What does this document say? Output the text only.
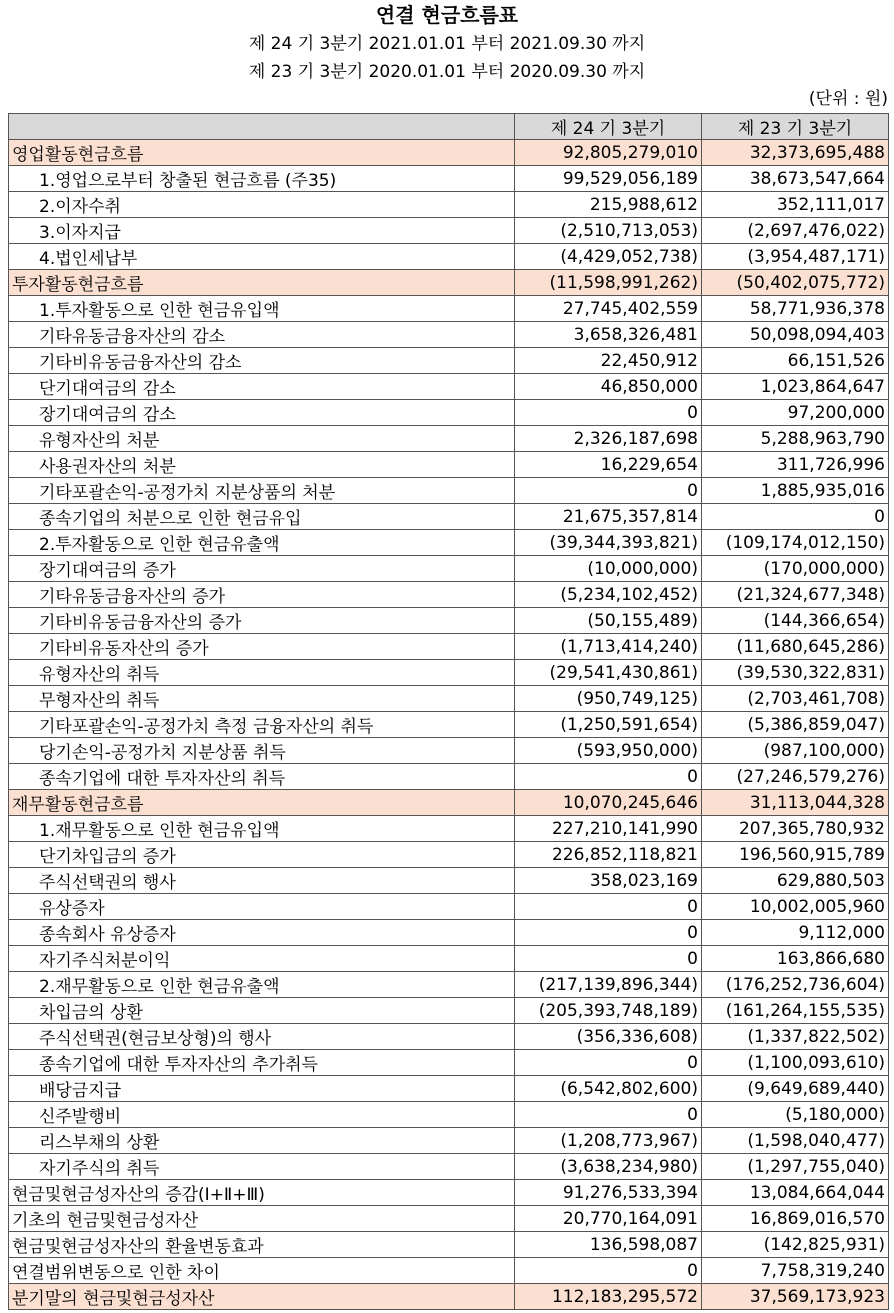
연결 현금흐름표
제 24 기 3분기 2021.01.01 부터 2021.09.30 까지
제 23 기 3분기 2020.01.01 부터 2020.09.30 까지
(단위 : 원)
	제 24 기 3분기	제 23 기 3분기
영업활동현금흐름	92,805,279,010	32,373,695,488
1.영업으로부터 창출된 현금흐름 (주35)	99,529,056,189	38,673,547,664
2.이자수취	215,988,612	352,111,017
3.이자지급	(2,510,713,053)	(2,697,476,022)
4.법인세납부	(4,429,052,738)	(3,954,487,171)
투자활동현금흐름	(11,598,991,262)	(50,402,075,772)
1.투자활동으로 인한 현금유입액	27,745,402,559	58,771,936,378
기타유동금융자산의 감소	3,658,326,481	50,098,094,403
기타비유동금융자산의 감소	22,450,912	66,151,526
단기대여금의 감소	46,850,000	1,023,864,647
장기대여금의 감소	0	97,200,000
유형자산의 처분	2,326,187,698	5,288,963,790
사용권자산의 처분	16,229,654	311,726,996
기타포괄손익-공정가치 지분상품의 처분	0	1,885,935,016
종속기업의 처분으로 인한 현금유입	21,675,357,814	0
2.투자활동으로 인한 현금유출액	(39,344,393,821)	(109,174,012,150)
장기대여금의 증가	(10,000,000)	(170,000,000)
기타유동금융자산의 증가	(5,234,102,452)	(21,324,677,348)
기타비유동금융자산의 증가	(50,155,489)	(144,366,654)
기타비유동자산의 증가	(1,713,414,240)	(11,680,645,286)
유형자산의 취득	(29,541,430,861)	(39,530,322,831)
무형자산의 취득	(950,749,125)	(2,703,461,708)
기타포괄손익-공정가치 측정 금융자산의 취득	(1,250,591,654)	(5,386,859,047)
당기손익-공정가치 지분상품 취득	(593,950,000)	(987,100,000)
종속기업에 대한 투자자산의 취득	0	(27,246,579,276)
재무활동현금흐름	10,070,245,646	31,113,044,328
1.재무활동으로 인한 현금유입액	227,210,141,990	207,365,780,932
단기차입금의 증가	226,852,118,821	196,560,915,789
주식선택권의 행사	358,023,169	629,880,503
유상증자	0	10,002,005,960
종속회사 유상증자	0	9,112,000
자기주식처분이익	0	163,866,680
2.재무활동으로 인한 현금유출액	(217,139,896,344)	(176,252,736,604)
차입금의 상환	(205,393,748,189)	(161,264,155,535)
주식선택권(현금보상형)의 행사	(356,336,608)	(1,337,822,502)
종속기업에 대한 투자자산의 추가취득	0	(1,100,093,610)
배당금지급	(6,542,802,600)	(9,649,689,440)
신주발행비	0	(5,180,000)
리스부채의 상환	(1,208,773,967)	(1,598,040,477)
자기주식의 취득	(3,638,234,980)	(1,297,755,040)
현금및현금성자산의 증감(Ⅰ+Ⅱ+Ⅲ)	91,276,533,394	13,084,664,044
기초의 현금및현금성자산	20,770,164,091	16,869,016,570
현금및현금성자산의 환율변동효과	136,598,087	(142,825,931)
연결범위변동으로 인한 차이	0	7,758,319,240
분기말의 현금및현금성자산	112,183,295,572	37,569,173,923
